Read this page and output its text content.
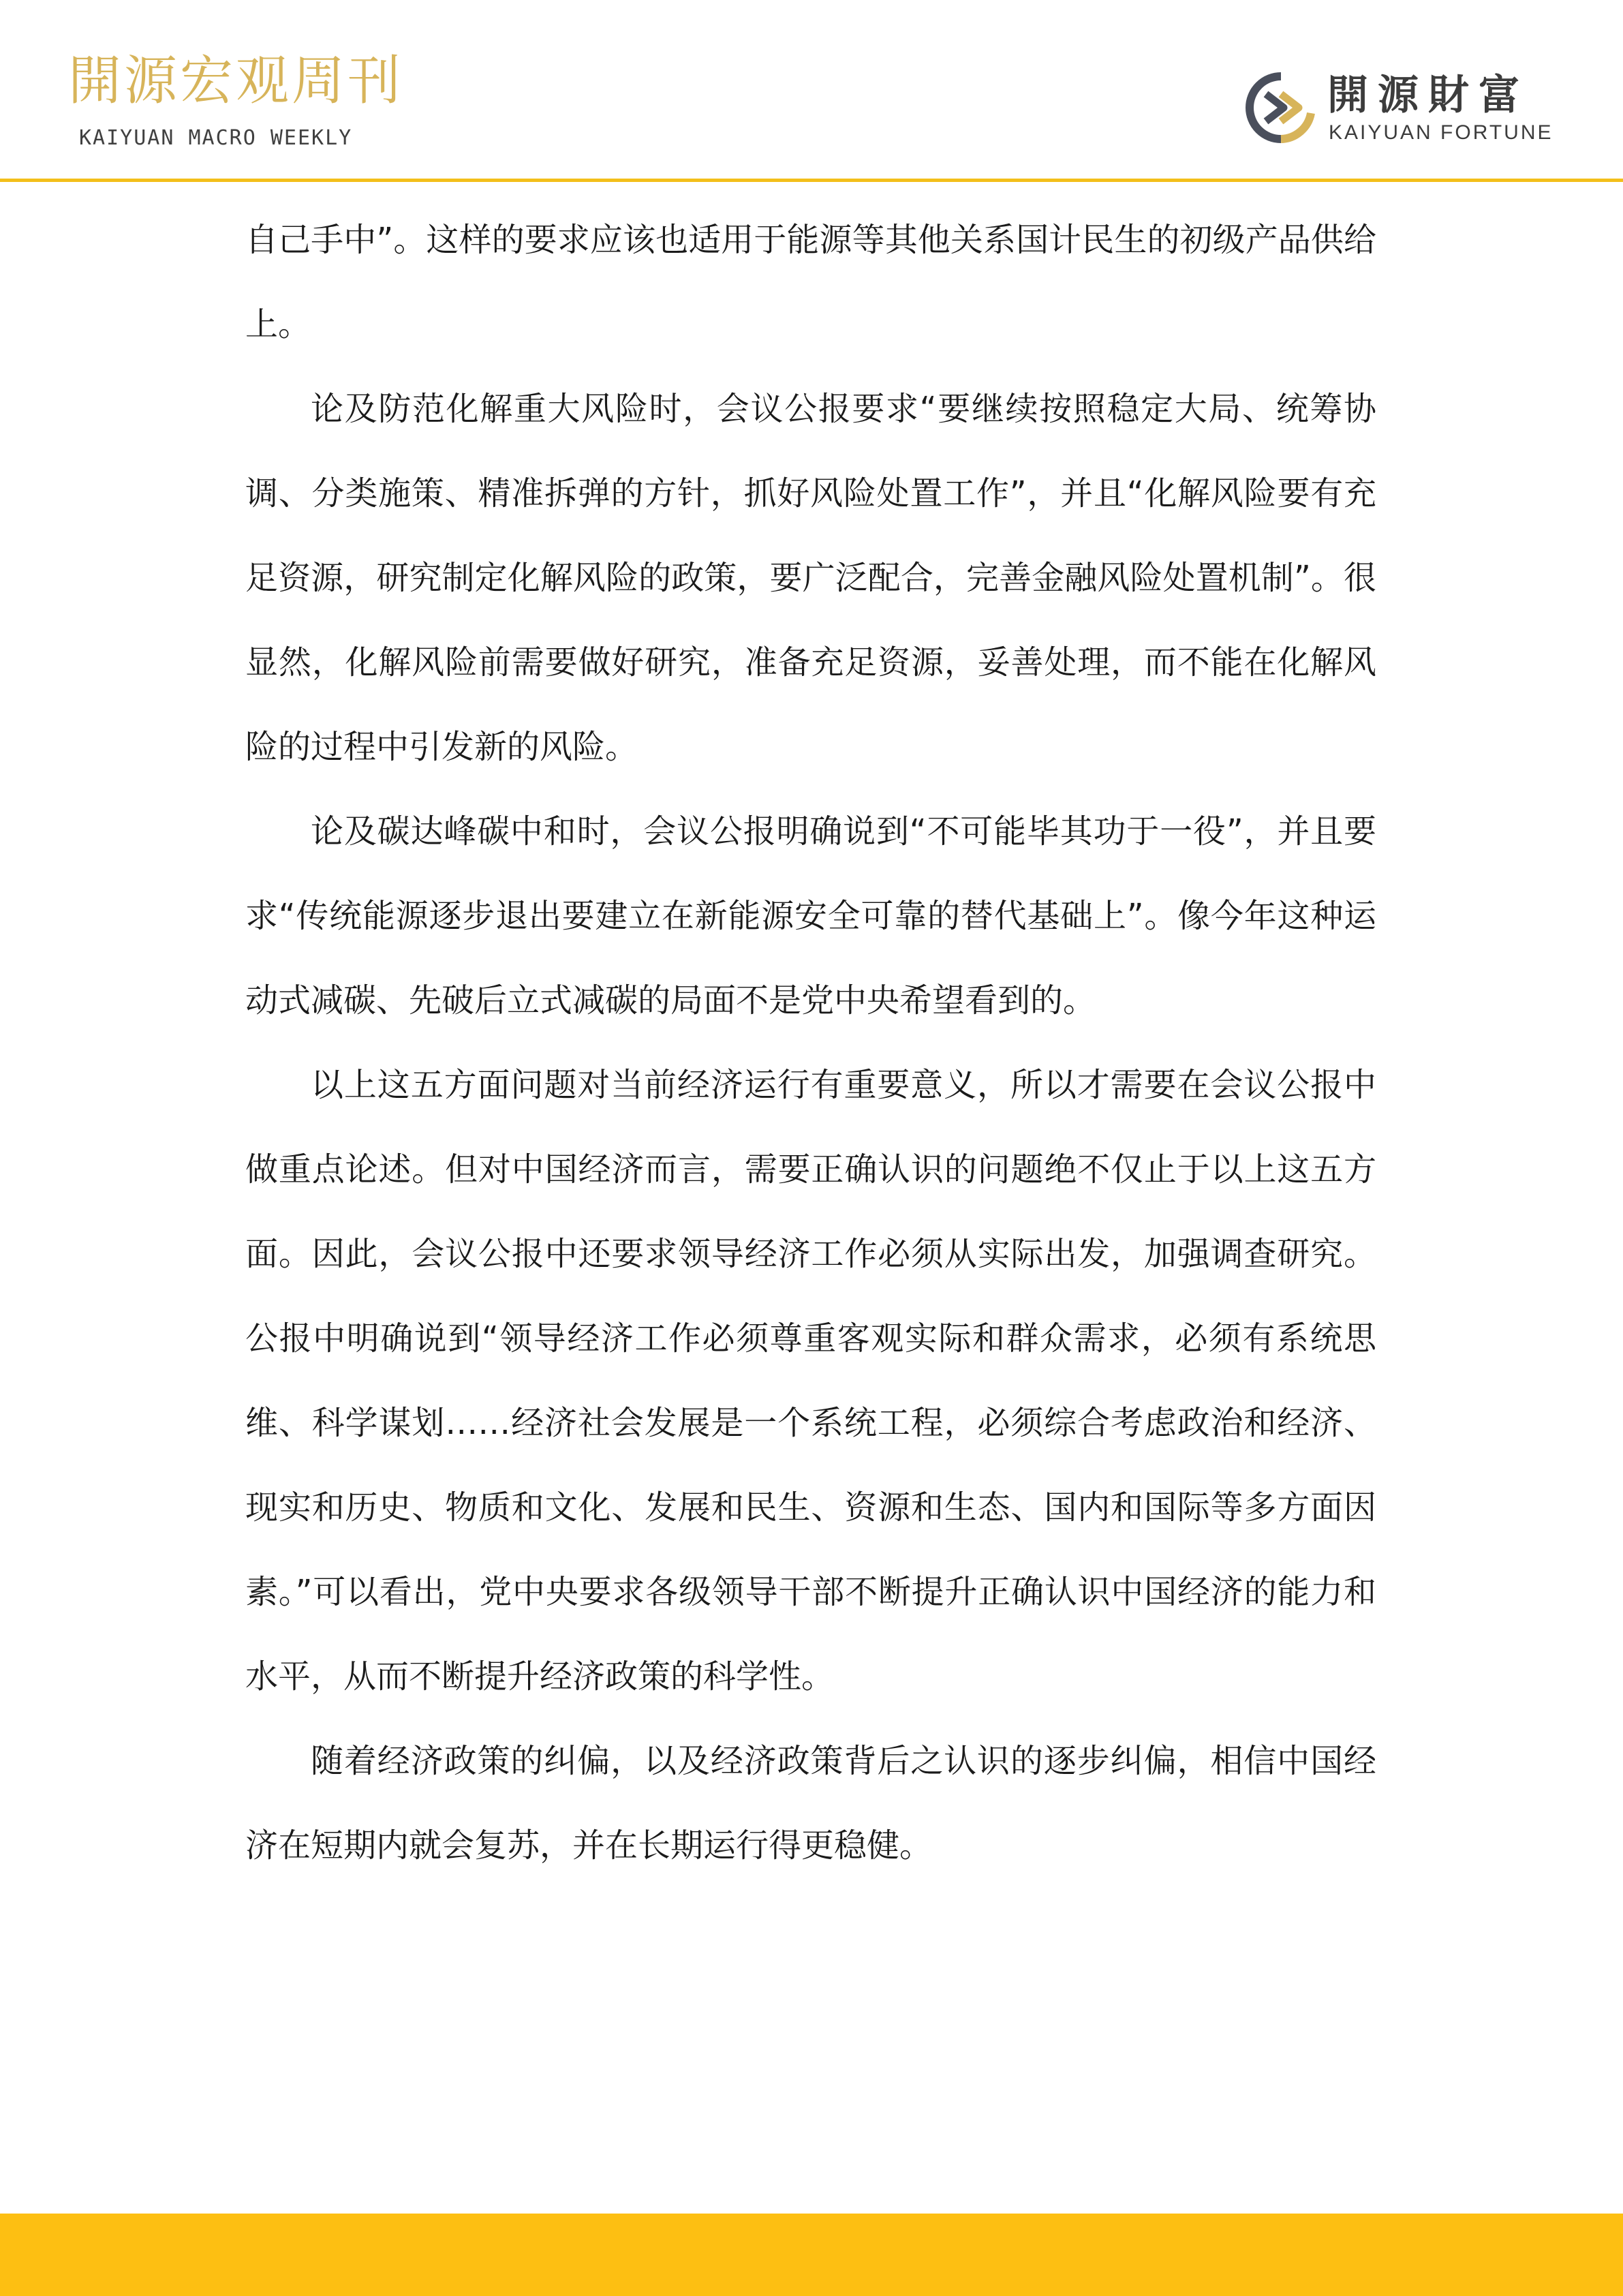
開源宏观周刊
KAIYUAN MACRO WEEKLY
開源財富
KAIYUAN FORTUNE

自己手中”。这样的要求应该也适用于能源等其他关系国计民生的初级产品供给上。

论及防范化解重大风险时，会议公报要求“要继续按照稳定大局、统筹协调、分类施策、精准拆弹的方针，抓好风险处置工作”，并且“化解风险要有充足资源，研究制定化解风险的政策，要广泛配合，完善金融风险处置机制”。很显然，化解风险前需要做好研究，准备充足资源，妥善处理，而不能在化解风险的过程中引发新的风险。

论及碳达峰碳中和时，会议公报明确说到“不可能毕其功于一役”，并且要求“传统能源逐步退出要建立在新能源安全可靠的替代基础上”。像今年这种运动式减碳、先破后立式减碳的局面不是党中央希望看到的。

以上这五方面问题对当前经济运行有重要意义，所以才需要在会议公报中做重点论述。但对中国经济而言，需要正确认识的问题绝不仅止于以上这五方面。因此，会议公报中还要求领导经济工作必须从实际出发，加强调查研究。公报中明确说到“领导经济工作必须尊重客观实际和群众需求，必须有系统思维、科学谋划……经济社会发展是一个系统工程，必须综合考虑政治和经济、现实和历史、物质和文化、发展和民生、资源和生态、国内和国际等多方面因素。”可以看出，党中央要求各级领导干部不断提升正确认识中国经济的能力和水平，从而不断提升经济政策的科学性。

随着经济政策的纠偏，以及经济政策背后之认识的逐步纠偏，相信中国经济在短期内就会复苏，并在长期运行得更稳健。
